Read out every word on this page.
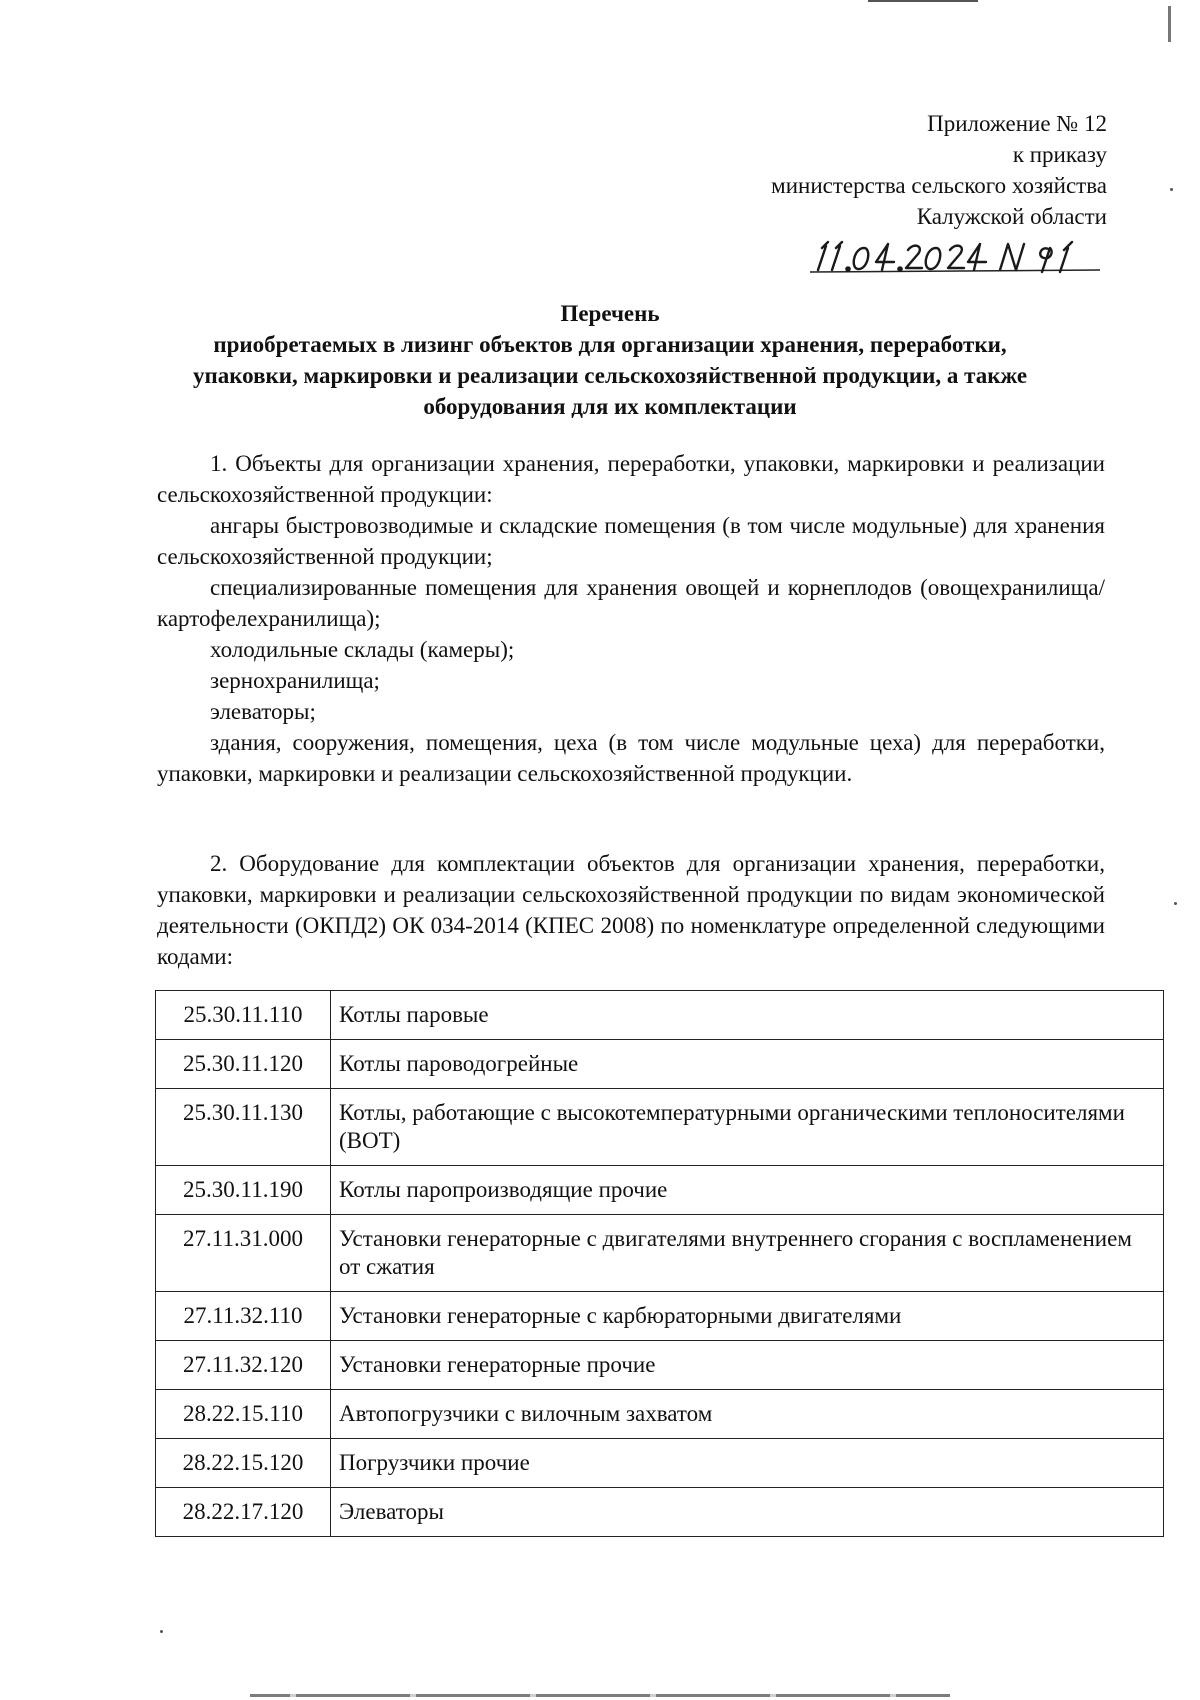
Приложение № 12
к приказу
министерства сельского хозяйства
Калужской области
Перечень
приобретаемых в лизинг объектов для организации хранения, переработки, упаковки, маркировки и реализации сельскохозяйственной продукции, а также оборудования для их комплектации

1. Объекты для организации хранения, переработки, упаковки, маркировки и реализации сельскохозяйственной продукции:

ангары быстровозводимые и складские помещения (в том числе модульные) для хранения сельскохозяйственной продукции;

специализированные помещения для хранения овощей и корнеплодов (овощехранилища/картофелехранилища);

холодильные склады (камеры);

зернохранилища;

элеваторы;

здания, сооружения, помещения, цеха (в том числе модульные цеха) для переработки, упаковки, маркировки и реализации сельскохозяйственной продукции.

2. Оборудование для комплектации объектов для организации хранения, переработки, упаковки, маркировки и реализации сельскохозяйственной продукции по видам экономической деятельности (ОКПД2) ОК 034-2014 (КПЕС 2008) по номенклатуре определенной следующими кодами:

25.30.11.110	Котлы паровые
25.30.11.120	Котлы пароводогрейные
25.30.11.130	Котлы, работающие с высокотемпературными органическими теплоносителями (ВОТ)
25.30.11.190	Котлы паропроизводящие прочие
27.11.31.000	Установки генераторные с двигателями внутреннего сгорания с воспламенением от сжатия
27.11.32.110	Установки генераторные с карбюраторными двигателями
27.11.32.120	Установки генераторные прочие
28.22.15.110	Автопогрузчики с вилочным захватом
28.22.15.120	Погрузчики прочие
28.22.17.120	Элеваторы
